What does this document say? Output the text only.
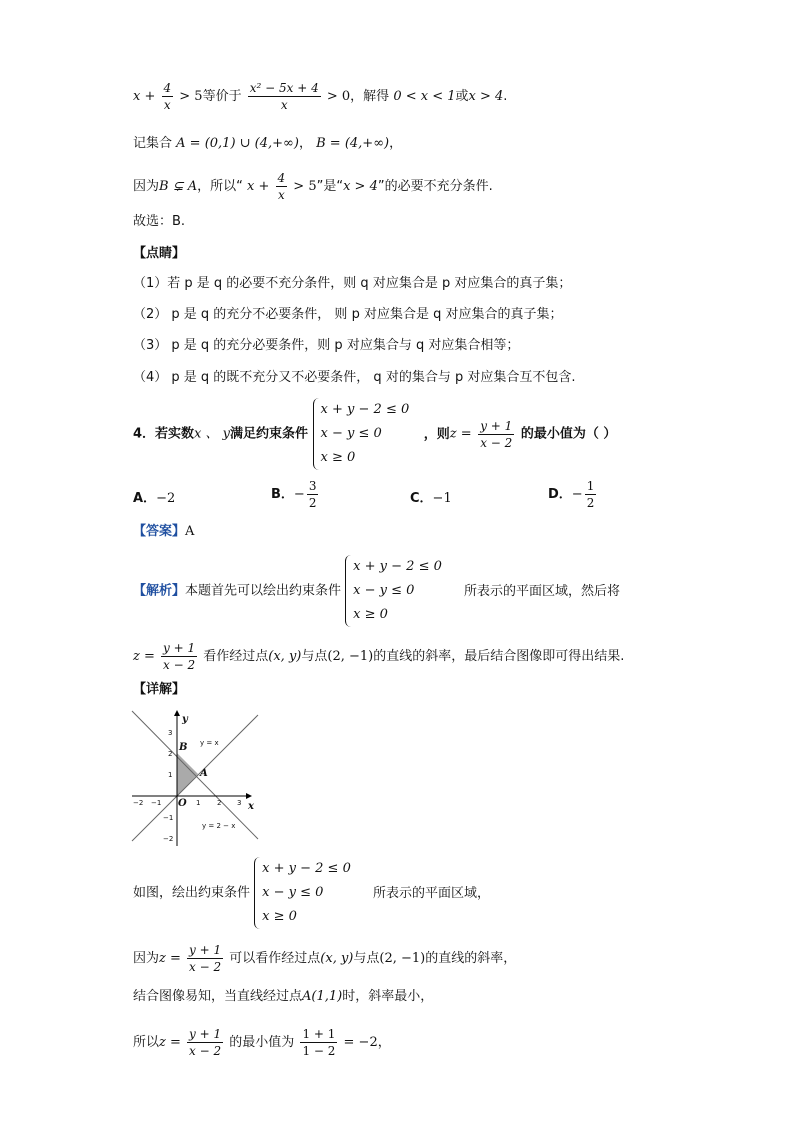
$x + \frac{4}{x} > 5$等价于 $\frac{\text{x² − 5x + 4}}{x} > 0$，解得 0 < x < 1或x > 4.
记集合 A = (0,1) ∪ (4,+∞)， B = (4,+∞)，
因为B ⊊ A，所以“ $x + \frac{4}{x} > 5$”是“x > 4”的必要不充分条件.
故选：B.
【点睛】
（1）若 p 是 q 的必要不充分条件，则 q 对应集合是 p 对应集合的真子集；
（2） p 是 q 的充分不必要条件， 则 p 对应集合是 q 对应集合的真子集；
（3） p 是 q 的充分必要条件，则 p 对应集合与 q 对应集合相等；
（4） p 是 q 的既不充分又不必要条件， q 对的集合与 p 对应集合互不包含.
4．若实数x 、 y满足约束条件
x + y − 2 ≤ 0
x − y ≤ 0
x ≥ 0
，则$z = \frac{y + 1}{x - 2}$ 的最小值为（ ）
A．−2	B．− $\frac{3}{2}$	C．−1	D．− $\frac{1}{2}$
【答案】A
【解析】本题首先可以绘出约束条件
x + y − 2 ≤ 0
x − y ≤ 0
x ≥ 0
所表示的平面区域，然后将
$z = \frac{y + 1}{x - 2}$ 看作经过点(x, y)与点(2, −1)的直线的斜率，最后结合图像即可得出结果.
【详解】
−2 −1	1 2 3
3
2
1
−1
−2
y = x
y = 2 − x
y
x
O
A
B
如图，绘出约束条件
x + y − 2 ≤ 0
x − y ≤ 0
x ≥ 0
所表示的平面区域，
因为$z = \frac{y + 1}{x - 2}$ 可以看作经过点(x, y)与点(2, −1)的直线的斜率，
结合图像易知，当直线经过点A(1,1)时，斜率最小，
所以$z = \frac{y + 1}{x - 2}$ 的最小值为 $\frac{1 + 1}{1 - 2} = -2$，
